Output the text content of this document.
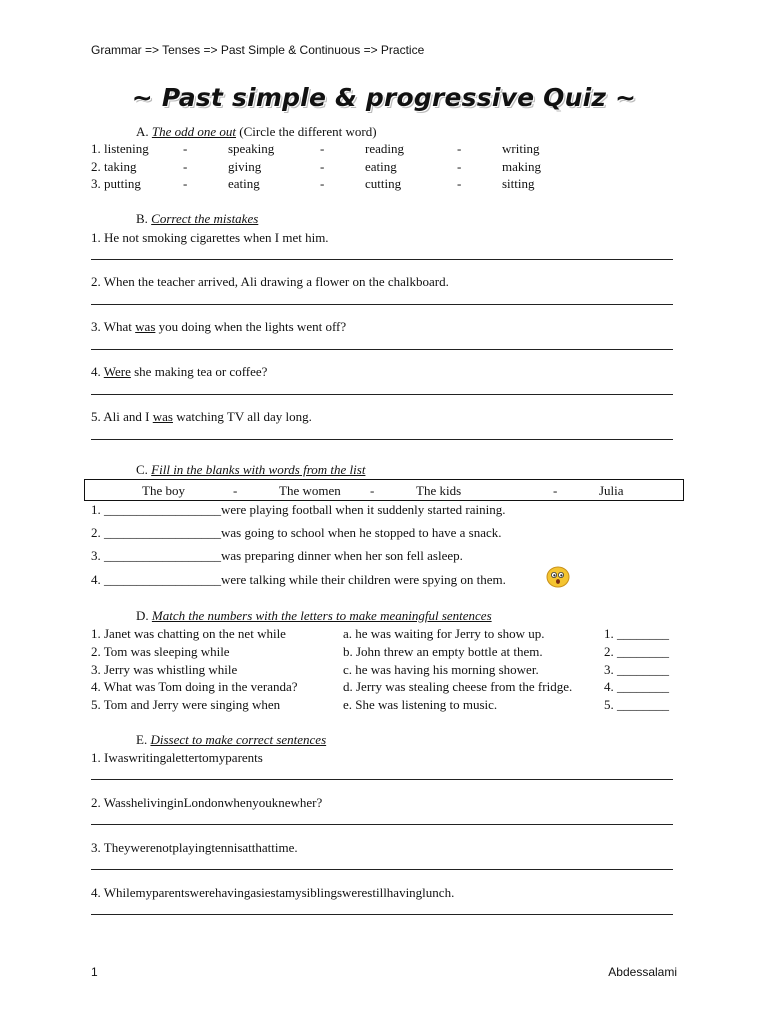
Grammar => Tenses => Past Simple & Continuous => Practice
~ Past simple & progressive Quiz ~
A. The odd one out (Circle the different word)
1. listening	-	speaking	-	reading	-	writing
2. taking	-	giving	-	eating	-	making
3. putting	-	eating	-	cutting	-	sitting
B. Correct the mistakes
1. He not smoking cigarettes when I met him.
2. When the teacher arrived, Ali drawing a flower on the chalkboard.
3. What was you doing when the lights went off?
4. Were she making tea or coffee?
5. Ali and I was watching TV all day long.
C. Fill in the blanks with words from the list
The boy	-	The women -	The kids	-	Julia
1. __________________were playing football when it suddenly started raining.
2. __________________was going to school when he stopped to have a snack.
3. __________________was preparing dinner when her son fell asleep.
4. __________________were talking while their children were spying on them.
D. Match the numbers with the letters to make meaningful sentences
1. Janet was chatting on the net while	a. he was waiting for Jerry to show up.	1. ________
2. Tom was sleeping while	b. John threw an empty bottle at them.	2. ________
3. Jerry was whistling while	c. he was having his morning shower.	3. ________
4. What was Tom doing in the veranda?	d. Jerry was stealing cheese from the fridge. 4. ________
5. Tom and Jerry were singing when	e. She was listening to music.	5. ________
E. Dissect to make correct sentences
1. Iwaswritingalettertomyparents
2. WasshelivinginLondonwhenyouknewher?
3. Theywerenotplayingtennisatthattime.
4. Whilemyparentswerehavingasiestamysiblingswerestillhavinglunch.
1	Abdessalami
